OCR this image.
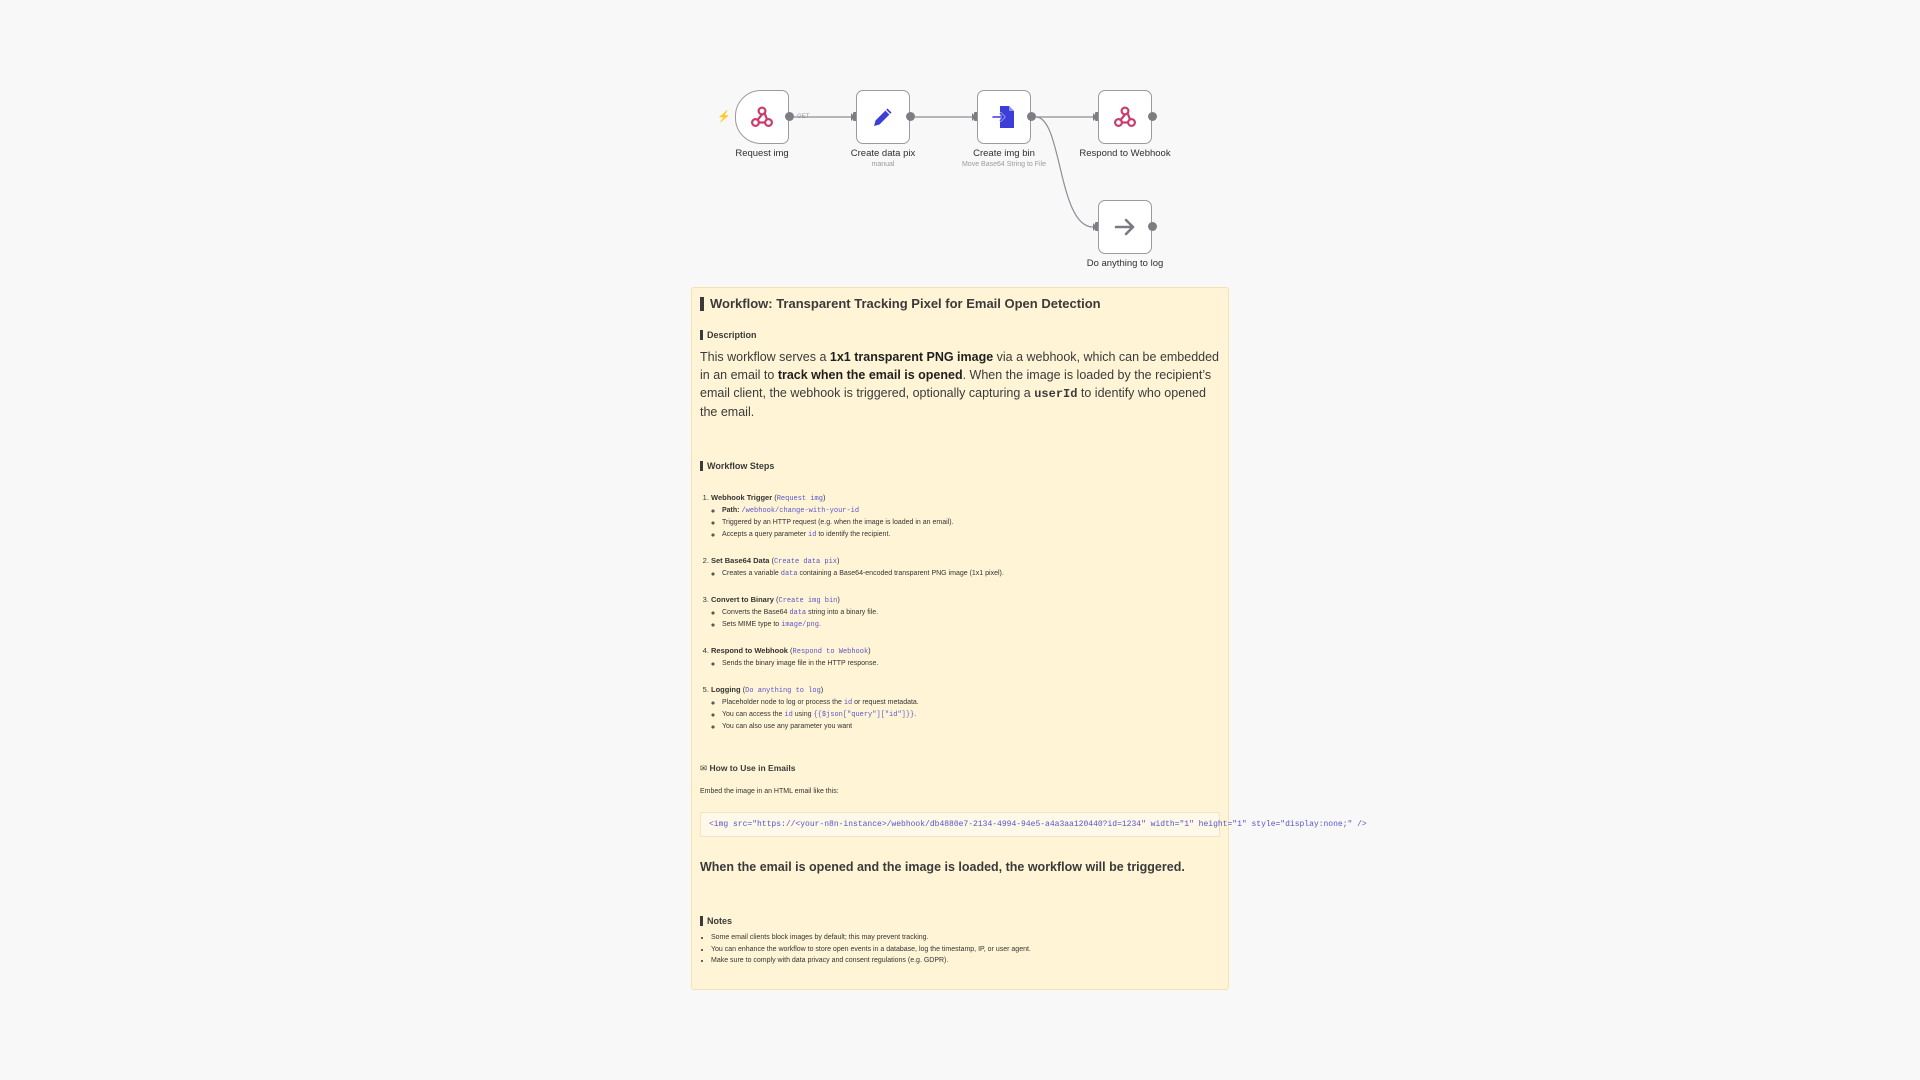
⚡	GET
Request img	Create data pix
manual
Create img bin
Move Base64 String to File
Respond to Webhook
Do anything to log
Workflow: Transparent Tracking Pixel for Email Open Detection
Description

This workflow serves a 1x1 transparent PNG image via a webhook, which can be embedded in an email to track when the email is opened. When the image is loaded by the recipient’s email client, the webhook is triggered, optionally capturing a userId to identify who opened the email.

Workflow Steps
1. Webhook Trigger (Request img)
◦ Path: /webhook/change-with-your-id
◦ Triggered by an HTTP request (e.g. when the image is loaded in an email).
◦ Accepts a query parameter id to identify the recipient.
2. Set Base64 Data (Create data pix)
◦ Creates a variable data containing a Base64-encoded transparent PNG image (1x1 pixel).
3. Convert to Binary (Create img bin)
◦ Converts the Base64 data string into a binary file.
◦ Sets MIME type to image/png.
4. Respond to Webhook (Respond to Webhook)
◦ Sends the binary image file in the HTTP response.
5. Logging (Do anything to log)
◦ Placeholder node to log or process the id or request metadata.
◦ You can access the id using {{$json["query"]["id"]}}.
◦ You can also use any parameter you want
✉ How to Use in Emails

Embed the image in an HTML email like this:

<img src="https://<your-n8n-instance>/webhook/db4880e7-2134-4994-94e5-a4a3aa120440?id=1234" width="1" height="1" style="display:none;" />

When the email is opened and the image is loaded, the workflow will be triggered.

Notes
• Some email clients block images by default; this may prevent tracking.
• You can enhance the workflow to store open events in a database, log the timestamp, IP, or user agent.
• Make sure to comply with data privacy and consent regulations (e.g. GDPR).
